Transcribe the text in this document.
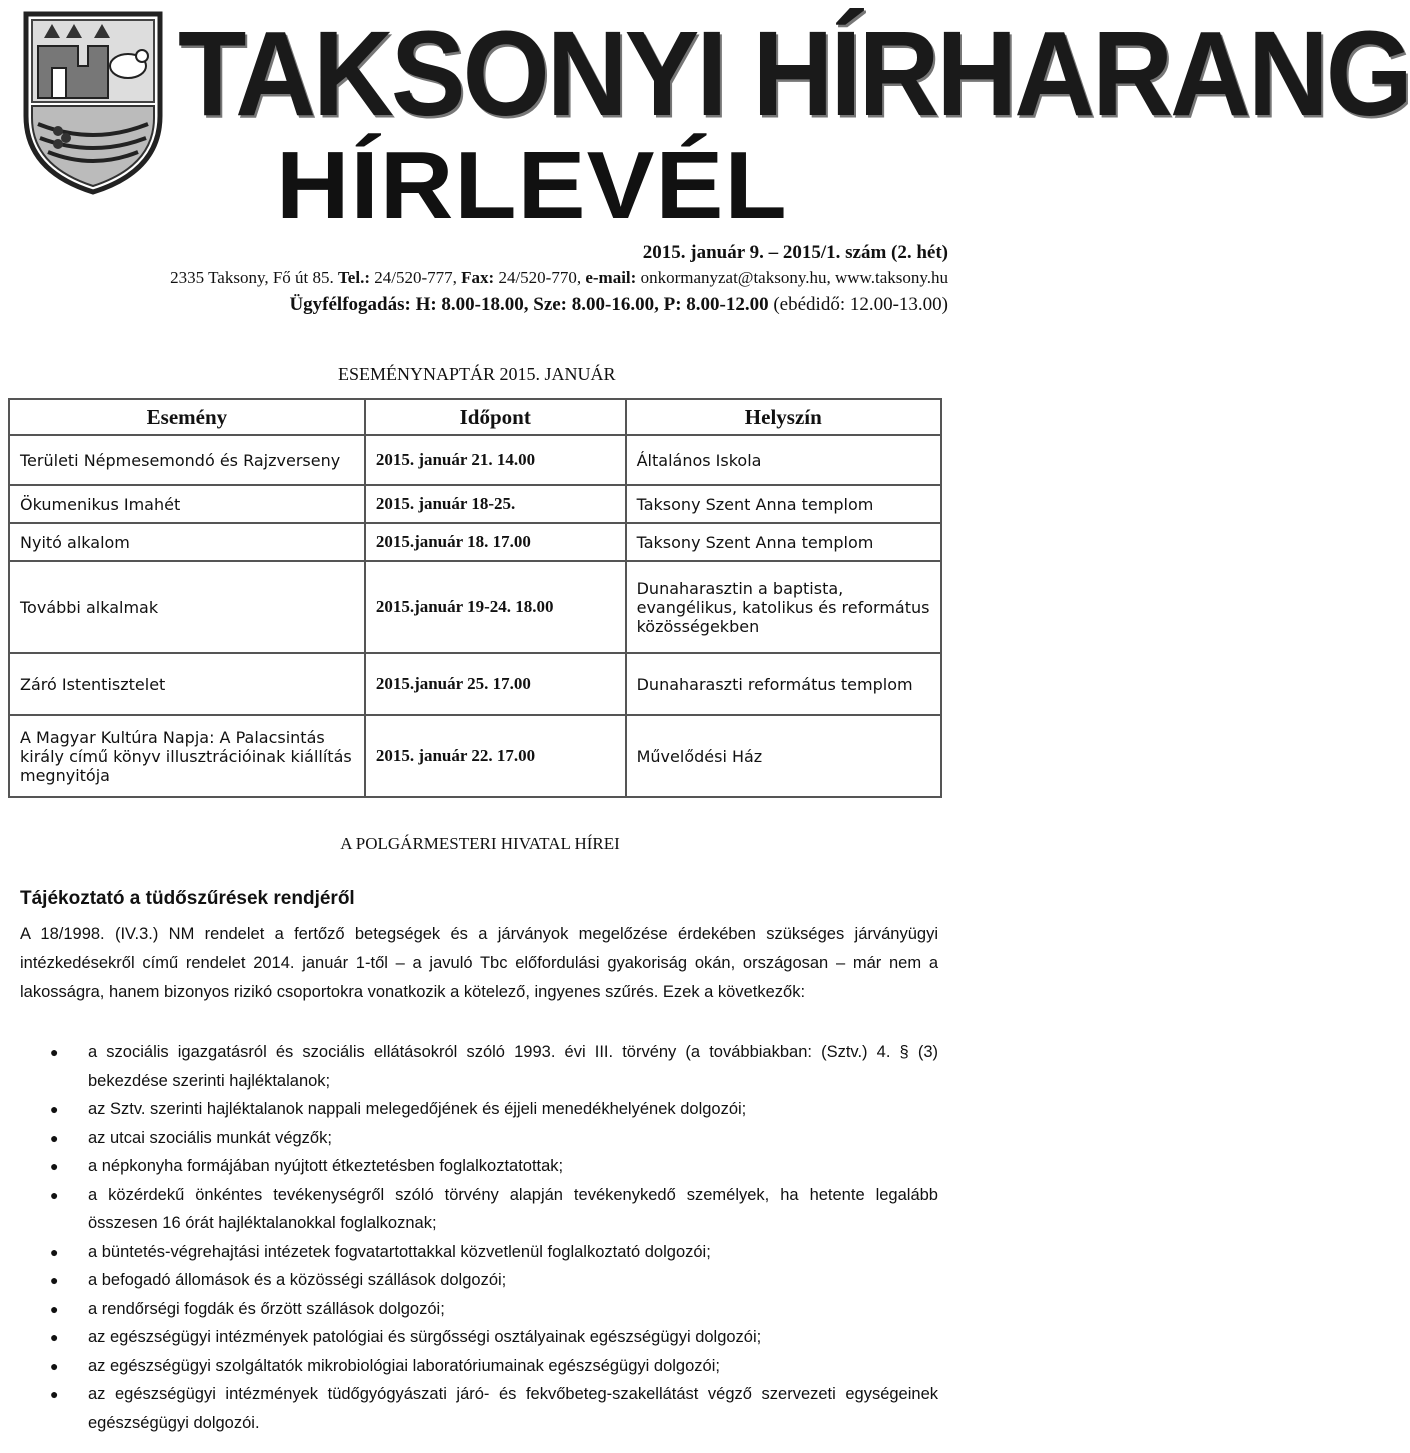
TAKSONYI HÍRHARANG
HÍRLEVÉL
2015. január 9. – 2015/1. szám (2. hét)
2335 Taksony, Fő út 85. Tel.: 24/520-777, Fax: 24/520-770, e-mail: onkormanyzat@taksony.hu, www.taksony.hu
Ügyfélfogadás: H: 8.00-18.00, Sze: 8.00-16.00, P: 8.00-12.00 (ebédidő: 12.00-13.00)
ESEMÉNYNAPTÁR 2015. JANUÁR
Esemény	Időpont	Helyszín
Területi Népmesemondó és Rajzverseny	2015. január 21. 14.00	Általános Iskola
Ökumenikus Imahét	2015. január 18-25.	Taksony Szent Anna templom
Nyitó alkalom	2015.január 18. 17.00	Taksony Szent Anna templom
További alkalmak	2015.január 19-24. 18.00	Dunaharasztin a baptista, evangélikus, katolikus és református közösségekben
Záró Istentisztelet	2015.január 25. 17.00	Dunaharaszti református templom
A Magyar Kultúra Napja: A Palacsintás király című könyv illusztrációinak kiállítás megnyitója	2015. január 22. 17.00	Művelődési Ház
A POLGÁRMESTERI HIVATAL HÍREI
Tájékoztató a tüdőszűrések rendjéről

A 18/1998. (IV.3.) NM rendelet a fertőző betegségek és a járványok megelőzése érdekében szükséges járványügyi intézkedésekről című rendelet 2014. január 1-től – a javuló Tbc előfordulási gyakoriság okán, országosan – már nem a lakosságra, hanem bizonyos rizikó csoportokra vonatkozik a kötelező, ingyenes szűrés. Ezek a következők:

● a szociális igazgatásról és szociális ellátásokról szóló 1993. évi III. törvény (a továbbiakban: (Sztv.) 4. § (3) bekezdése szerinti hajléktalanok;
● az Sztv. szerinti hajléktalanok nappali melegedőjének és éjjeli menedékhelyének dolgozói;
● az utcai szociális munkát végzők;
● a népkonyha formájában nyújtott étkeztetésben foglalkoztatottak;
● a közérdekű önkéntes tevékenységről szóló törvény alapján tevékenykedő személyek, ha hetente legalább összesen 16 órát hajléktalanokkal foglalkoznak;
● a büntetés-végrehajtási intézetek fogvatartottakkal közvetlenül foglalkoztató dolgozói;
● a befogadó állomások és a közösségi szállások dolgozói;
● a rendőrségi fogdák és őrzött szállások dolgozói;
● az egészségügyi intézmények patológiai és sürgősségi osztályainak egészségügyi dolgozói;
● az egészségügyi szolgáltatók mikrobiológiai laboratóriumainak egészségügyi dolgozói;
● az egészségügyi intézmények tüdőgyógyászati járó- és fekvőbeteg-szakellátást végző szervezeti egységeinek egészségügyi dolgozói.
